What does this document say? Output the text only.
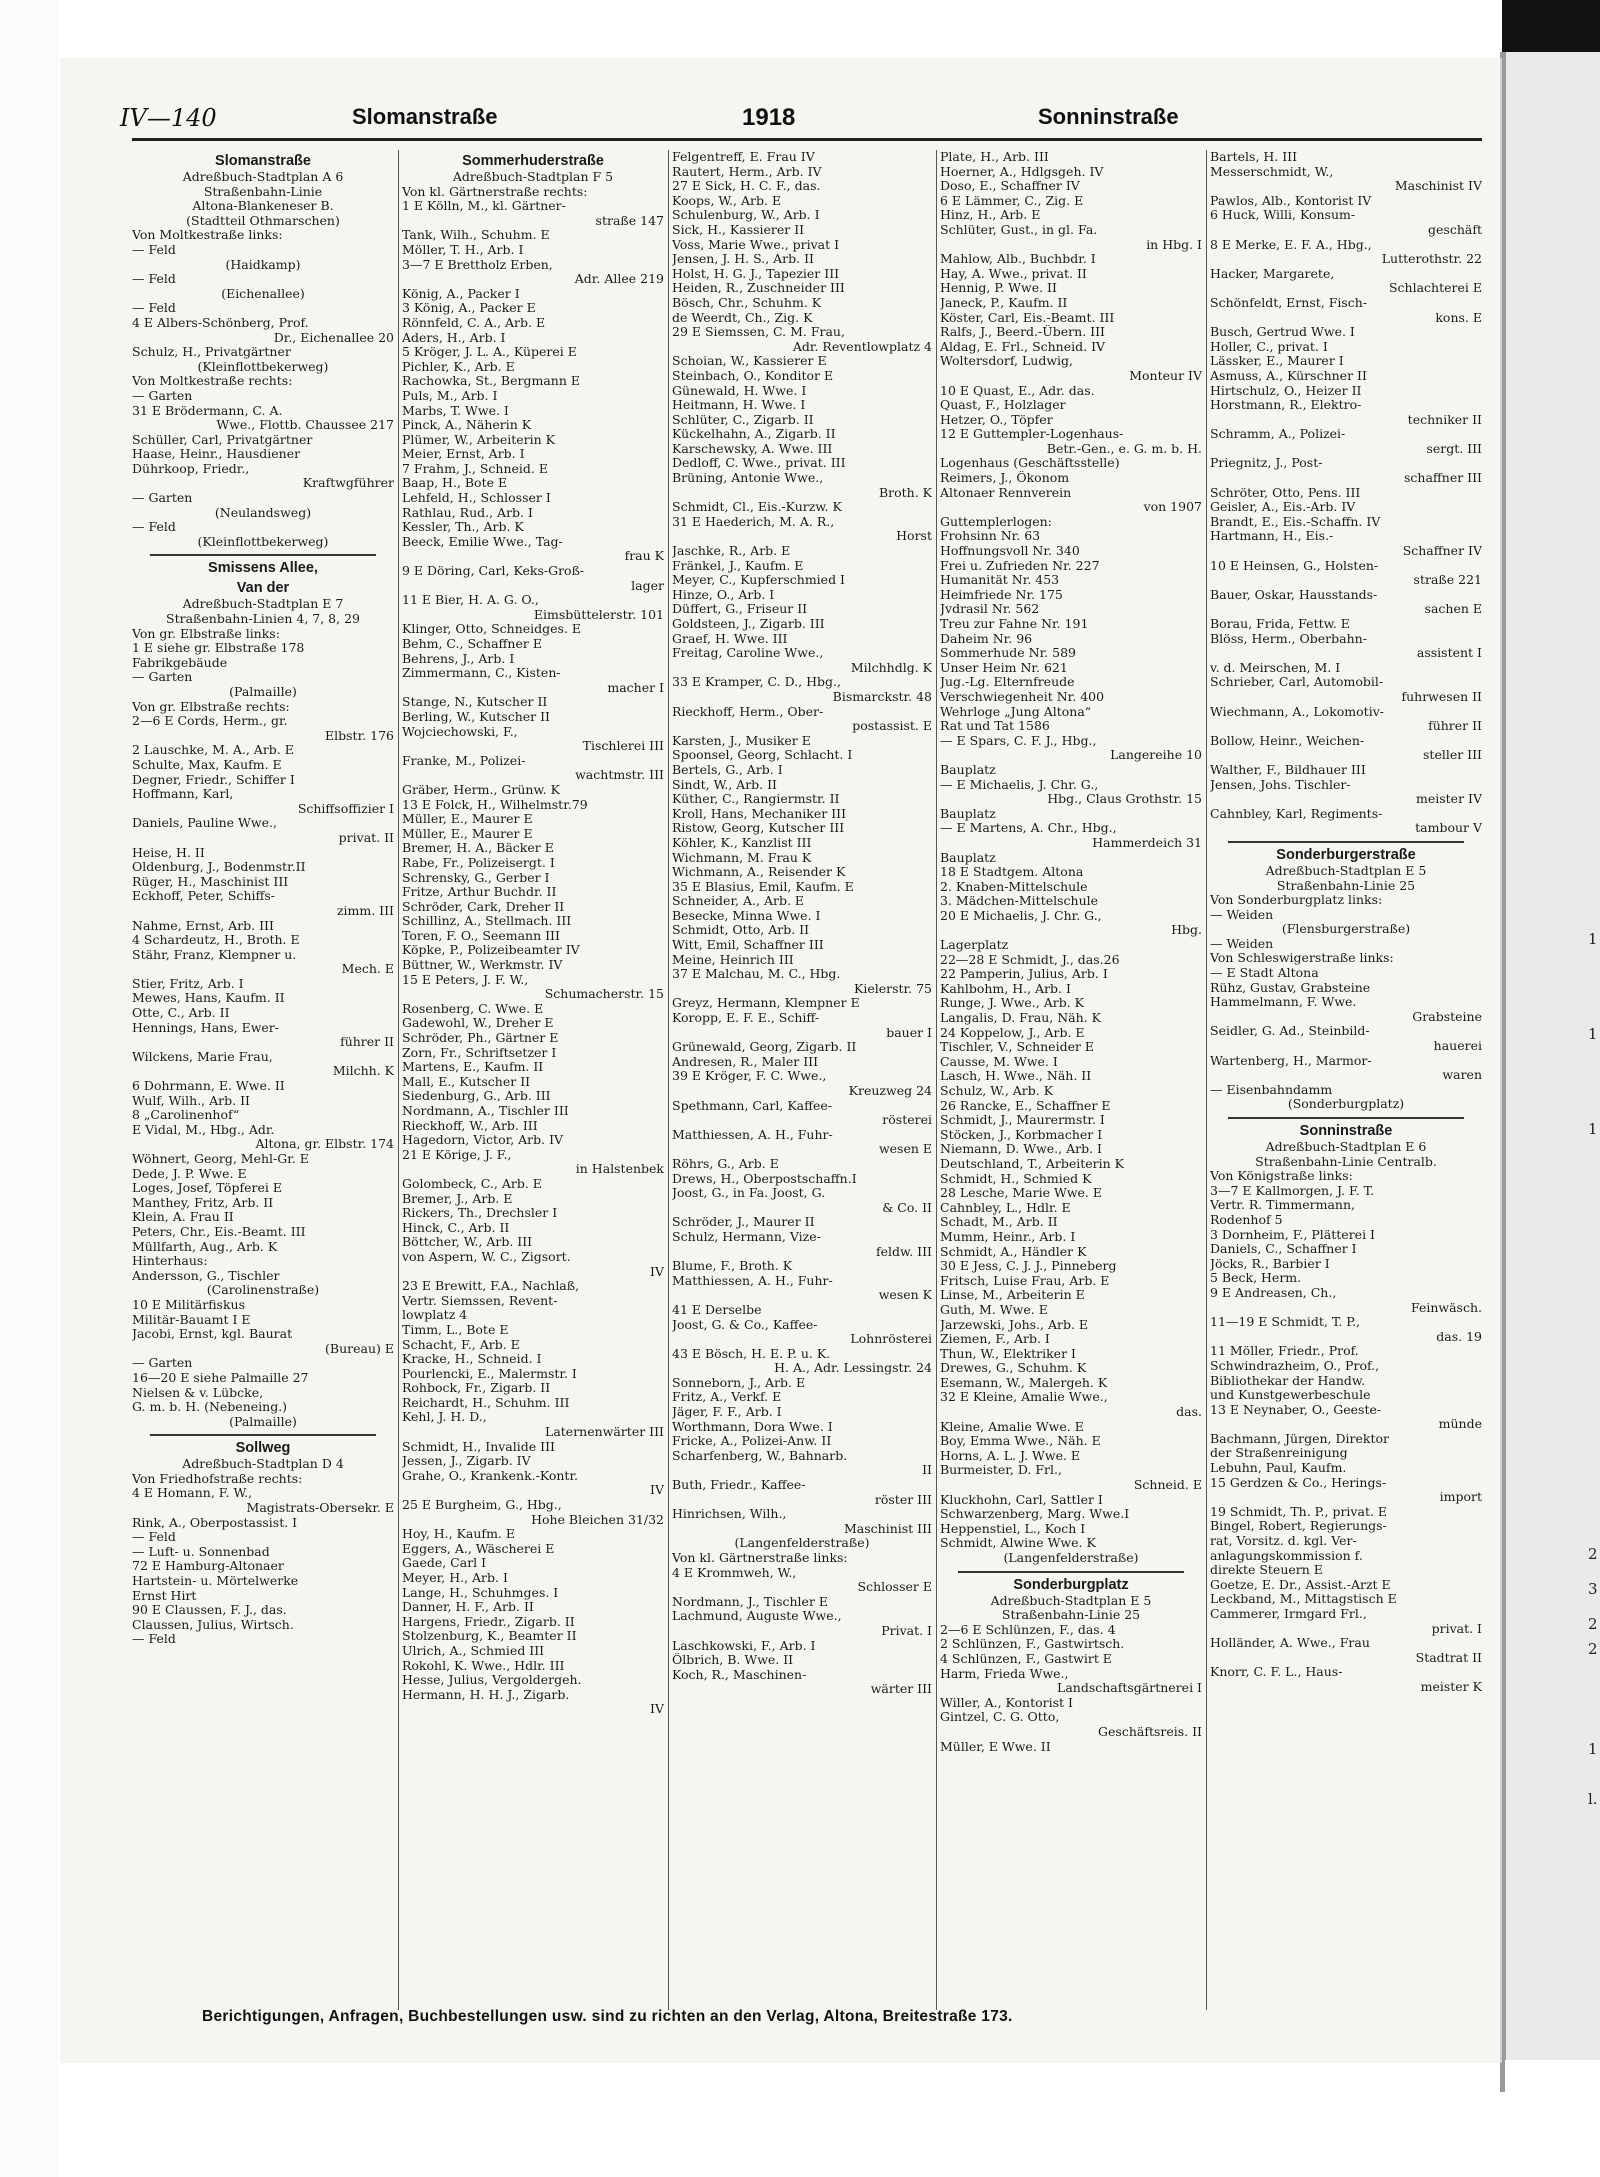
1
1
1
2
3
2
2
1
l.
IV—140	Slomanstraße	1918	Sonninstraße
Slomanstraße
Adreßbuch-Stadtplan A 6
Straßenbahn-Linie
Altona-Blankeneser B.
(Stadtteil Othmarschen)
Von Moltkestraße links:
— Feld
(Haidkamp)
— Feld
(Eichenallee)
— Feld
4 E Albers-Schönberg, Prof.
Dr., Eichenallee 20
Schulz, H., Privatgärtner
(Kleinflottbekerweg)
Von Moltkestraße rechts:
— Garten
31 E Brödermann, C. A.
Wwe., Flottb. Chaussee 217
Schüller, Carl, Privatgärtner
Haase, Heinr., Hausdiener
Dührkoop, Friedr.,
Kraftwgführer
— Garten
(Neulandsweg)
— Feld
(Kleinflottbekerweg)
Smissens Allee,
Van der
Adreßbuch-Stadtplan E 7
Straßenbahn-Linien 4, 7, 8, 29
Von gr. Elbstraße links:
1 E siehe gr. Elbstraße 178
Fabrikgebäude
— Garten
(Palmaille)
Von gr. Elbstraße rechts:
2—6 E Cords, Herm., gr.
Elbstr. 176
2 Lauschke, M. A., Arb. E
Schulte, Max, Kaufm. E
Degner, Friedr., Schiffer I
Hoffmann, Karl,
Schiffsoffizier I
Daniels, Pauline Wwe.,
privat. II
Heise, H. II
Oldenburg, J., Bodenmstr.II
Rüger, H., Maschinist III
Eckhoff, Peter, Schiffs-
zimm. III
Nahme, Ernst, Arb. III
4 Schardeutz, H., Broth. E
Stähr, Franz, Klempner u.
Mech. E
Stier, Fritz, Arb. I
Mewes, Hans, Kaufm. II
Otte, C., Arb. II
Hennings, Hans, Ewer-
führer II
Wilckens, Marie Frau,
Milchh. K
6 Dohrmann, E. Wwe. II
Wulf, Wilh., Arb. II
8 „Carolinenhof“
E Vidal, M., Hbg., Adr.
Altona, gr. Elbstr. 174
Wöhnert, Georg, Mehl-Gr. E
Dede, J. P. Wwe. E
Loges, Josef, Töpferei E
Manthey, Fritz, Arb. II
Klein, A. Frau II
Peters, Chr., Eis.-Beamt. III
Müllfarth, Aug., Arb. K
Hinterhaus:
Andersson, G., Tischler
(Carolinenstraße)
10 E Militärfiskus
Militär-Bauamt I E
Jacobi, Ernst, kgl. Baurat
(Bureau) E
— Garten
16—20 E siehe Palmaille 27
Nielsen & v. Lübcke,
G. m. b. H. (Nebeneing.)
(Palmaille)
Sollweg
Adreßbuch-Stadtplan D 4
Von Friedhofstraße rechts:
4 E Homann, F. W.,
Magistrats-Obersekr. E
Rink, A., Oberpostassist. I
— Feld
— Luft- u. Sonnenbad
72 E Hamburg-Altonaer
Hartstein- u. Mörtelwerke
Ernst Hirt
90 E Claussen, F. J., das.
Claussen, Julius, Wirtsch.
— Feld
Sommerhuderstraße
Adreßbuch-Stadtplan F 5
Von kl. Gärtnerstraße rechts:
1 E Kölln, M., kl. Gärtner-
straße 147
Tank, Wilh., Schuhm. E
Möller, T. H., Arb. I
3—7 E Brettholz Erben,
Adr. Allee 219
König, A., Packer I
3 König, A., Packer E
Rönnfeld, C. A., Arb. E
Aders, H., Arb. I
5 Kröger, J. L. A., Küperei E
Pichler, K., Arb. E
Rachowka, St., Bergmann E
Puls, M., Arb. I
Marbs, T. Wwe. I
Pinck, A., Näherin K
Plümer, W., Arbeiterin K
Meier, Ernst, Arb. I
7 Frahm, J., Schneid. E
Baap, H., Bote E
Lehfeld, H., Schlosser I
Rathlau, Rud., Arb. I
Kessler, Th., Arb. K
Beeck, Emilie Wwe., Tag-
frau K
9 E Döring, Carl, Keks-Groß-
lager
11 E Bier, H. A. G. O.,
Eimsbüttelerstr. 101
Klinger, Otto, Schneidges. E
Behm, C., Schaffner E
Behrens, J., Arb. I
Zimmermann, C., Kisten-
macher I
Stange, N., Kutscher II
Berling, W., Kutscher II
Wojciechowski, F.,
Tischlerei III
Franke, M., Polizei-
wachtmstr. III
Gräber, Herm., Grünw. K
13 E Folck, H., Wilhelmstr.79
Müller, E., Maurer E
Müller, E., Maurer E
Bremer, H. A., Bäcker E
Rabe, Fr., Polizeisergt. I
Schrensky, G., Gerber I
Fritze, Arthur Buchdr. II
Schröder, Cark, Dreher II
Schillinz, A., Stellmach. III
Toren, F. O., Seemann III
Köpke, P., Polizeibeamter IV
Büttner, W., Werkmstr. IV
15 E Peters, J. F. W.,
Schumacherstr. 15
Rosenberg, C. Wwe. E
Gadewohl, W., Dreher E
Schröder, Ph., Gärtner E
Zorn, Fr., Schriftsetzer I
Martens, E., Kaufm. II
Mall, E., Kutscher II
Siedenburg, G., Arb. III
Nordmann, A., Tischler III
Rieckhoff, W., Arb. III
Hagedorn, Victor, Arb. IV
21 E Körige, J. F.,
in Halstenbek
Golombeck, C., Arb. E
Bremer, J., Arb. E
Rickers, Th., Drechsler I
Hinck, C., Arb. II
Böttcher, W., Arb. III
von Aspern, W. C., Zigsort.
IV
23 E Brewitt, F.A., Nachlaß,
Vertr. Siemssen, Revent-
lowplatz 4
Timm, L., Bote E
Schacht, F., Arb. E
Kracke, H., Schneid. I
Pourlencki, E., Malermstr. I
Rohbock, Fr., Zigarb. II
Reichardt, H., Schuhm. III
Kehl, J. H. D.,
Laternenwärter III
Schmidt, H., Invalide III
Jessen, J., Zigarb. IV
Grahe, O., Krankenk.-Kontr.
IV
25 E Burgheim, G., Hbg.,
Hohe Bleichen 31/32
Hoy, H., Kaufm. E
Eggers, A., Wäscherei E
Gaede, Carl I
Meyer, H., Arb. I
Lange, H., Schuhmges. I
Danner, H. F., Arb. II
Hargens, Friedr., Zigarb. II
Stolzenburg, K., Beamter II
Ulrich, A., Schmied III
Rokohl, K. Wwe., Hdlr. III
Hesse, Julius, Vergoldergeh.
Hermann, H. H. J., Zigarb.
IV
Felgentreff, E. Frau IV
Rautert, Herm., Arb. IV
27 E Sick, H. C. F., das.
Koops, W., Arb. E
Schulenburg, W., Arb. I
Sick, H., Kassierer II
Voss, Marie Wwe., privat I
Jensen, J. H. S., Arb. II
Holst, H. G. J., Tapezier III
Heiden, R., Zuschneider III
Bösch, Chr., Schuhm. K
de Weerdt, Ch., Zig. K
29 E Siemssen, C. M. Frau,
Adr. Reventlowplatz 4
Schoian, W., Kassierer E
Steinbach, O., Konditor E
Günewald, H. Wwe. I
Heitmann, H. Wwe. I
Schlüter, C., Zigarb. II
Kückelhahn, A., Zigarb. II
Karschewsky, A. Wwe. III
Dedloff, C. Wwe., privat. III
Brüning, Antonie Wwe.,
Broth. K
Schmidt, Cl., Eis.-Kurzw. K
31 E Haederich, M. A. R.,
Horst
Jaschke, R., Arb. E
Fränkel, J., Kaufm. E
Meyer, C., Kupferschmied I
Hinze, O., Arb. I
Düffert, G., Friseur II
Goldsteen, J., Zigarb. III
Graef, H. Wwe. III
Freitag, Caroline Wwe.,
Milchhdlg. K
33 E Kramper, C. D., Hbg.,
Bismarckstr. 48
Rieckhoff, Herm., Ober-
postassist. E
Karsten, J., Musiker E
Spoonsel, Georg, Schlacht. I
Bertels, G., Arb. I
Sindt, W., Arb. II
Küther, C., Rangiermstr. II
Kroll, Hans, Mechaniker III
Ristow, Georg, Kutscher III
Köhler, K., Kanzlist III
Wichmann, M. Frau K
Wichmann, A., Reisender K
35 E Blasius, Emil, Kaufm. E
Schneider, A., Arb. E
Besecke, Minna Wwe. I
Schmidt, Otto, Arb. II
Witt, Emil, Schaffner III
Meine, Heinrich III
37 E Malchau, M. C., Hbg.
Kielerstr. 75
Greyz, Hermann, Klempner E
Koropp, E. F. E., Schiff-
bauer I
Grünewald, Georg, Zigarb. II
Andresen, R., Maler III
39 E Kröger, F. C. Wwe.,
Kreuzweg 24
Spethmann, Carl, Kaffee-
rösterei
Matthiessen, A. H., Fuhr-
wesen E
Röhrs, G., Arb. E
Drews, H., Oberpostschaffn.I
Joost, G., in Fa. Joost, G.
& Co. II
Schröder, J., Maurer II
Schulz, Hermann, Vize-
feldw. III
Blume, F., Broth. K
Matthiessen, A. H., Fuhr-
wesen K
41 E Derselbe
Joost, G. & Co., Kaffee-
Lohnrösterei
43 E Bösch, H. E. P. u. K.
H. A., Adr. Lessingstr. 24
Sonneborn, J., Arb. E
Fritz, A., Verkf. E
Jäger, F. F., Arb. I
Worthmann, Dora Wwe. I
Fricke, A., Polizei-Anw. II
Scharfenberg, W., Bahnarb.
II
Buth, Friedr., Kaffee-
röster III
Hinrichsen, Wilh.,
Maschinist III
(Langenfelderstraße)
Von kl. Gärtnerstraße links:
4 E Krommweh, W.,
Schlosser E
Nordmann, J., Tischler E
Lachmund, Auguste Wwe.,
Privat. I
Laschkowski, F., Arb. I
Ölbrich, B. Wwe. II
Koch, R., Maschinen-
wärter III
Plate, H., Arb. III
Hoerner, A., Hdlgsgeh. IV
Doso, E., Schaffner IV
6 E Lämmer, C., Zig. E
Hinz, H., Arb. E
Schlüter, Gust., in gl. Fa.
in Hbg. I
Mahlow, Alb., Buchbdr. I
Hay, A. Wwe., privat. II
Hennig, P. Wwe. II
Janeck, P., Kaufm. II
Köster, Carl, Eis.-Beamt. III
Ralfs, J., Beerd.-Übern. III
Aldag, E. Frl., Schneid. IV
Woltersdorf, Ludwig,
Monteur IV
10 E Quast, E., Adr. das.
Quast, F., Holzlager
Hetzer, O., Töpfer
12 E Guttempler-Logenhaus-
Betr.-Gen., e. G. m. b. H.
Logenhaus (Geschäftsstelle)
Reimers, J., Ökonom
Altonaer Rennverein
von 1907
Guttemplerlogen:
Frohsinn Nr. 63
Hoffnungsvoll Nr. 340
Frei u. Zufrieden Nr. 227
Humanität Nr. 453
Heimfriede Nr. 175
Jvdrasil Nr. 562
Treu zur Fahne Nr. 191
Daheim Nr. 96
Sommerhude Nr. 589
Unser Heim Nr. 621
Jug.-Lg. Elternfreude
Verschwiegenheit Nr. 400
Wehrloge „Jung Altona“
Rat und Tat 1586
— E Spars, C. F. J., Hbg.,
Langereihe 10
Bauplatz
— E Michaelis, J. Chr. G.,
Hbg., Claus Grothstr. 15
Bauplatz
— E Martens, A. Chr., Hbg.,
Hammerdeich 31
Bauplatz
18 E Stadtgem. Altona
2. Knaben-Mittelschule
3. Mädchen-Mittelschule
20 E Michaelis, J. Chr. G.,
Hbg.
Lagerplatz
22—28 E Schmidt, J., das.26
22 Pamperin, Julius, Arb. I
Kahlbohm, H., Arb. I
Runge, J. Wwe., Arb. K
Langalis, D. Frau, Näh. K
24 Koppelow, J., Arb. E
Tischler, V., Schneider E
Causse, M. Wwe. I
Lasch, H. Wwe., Näh. II
Schulz, W., Arb. K
26 Rancke, E., Schaffner E
Schmidt, J., Maurermstr. I
Stöcken, J., Korbmacher I
Niemann, D. Wwe., Arb. I
Deutschland, T., Arbeiterin K
Schmidt, H., Schmied K
28 Lesche, Marie Wwe. E
Cahnbley, L., Hdlr. E
Schadt, M., Arb. II
Mumm, Heinr., Arb. I
Schmidt, A., Händler K
30 E Jess, C. J. J., Pinneberg
Fritsch, Luise Frau, Arb. E
Linse, M., Arbeiterin E
Guth, M. Wwe. E
Jarzewski, Johs., Arb. E
Ziemen, F., Arb. I
Thun, W., Elektriker I
Drewes, G., Schuhm. K
Esemann, W., Malergeh. K
32 E Kleine, Amalie Wwe.,
das.
Kleine, Amalie Wwe. E
Boy, Emma Wwe., Näh. E
Horns, A. L. J. Wwe. E
Burmeister, D. Frl.,
Schneid. E
Kluckhohn, Carl, Sattler I
Schwarzenberg, Marg. Wwe.I
Heppenstiel, L., Koch I
Schmidt, Alwine Wwe. K
(Langenfelderstraße)
Sonderburgplatz
Adreßbuch-Stadtplan E 5
Straßenbahn-Linie 25
2—6 E Schlünzen, F., das. 4
2 Schlünzen, F., Gastwirtsch.
4 Schlünzen, F., Gastwirt E
Harm, Frieda Wwe.,
Landschaftsgärtnerei I
Willer, A., Kontorist I
Gintzel, C. G. Otto,
Geschäftsreis. II
Müller, E Wwe. II
Bartels, H. III
Messerschmidt, W.,
Maschinist IV
Pawlos, Alb., Kontorist IV
6 Huck, Willi, Konsum-
geschäft
8 E Merke, E. F. A., Hbg.,
Lutterothstr. 22
Hacker, Margarete,
Schlachterei E
Schönfeldt, Ernst, Fisch-
kons. E
Busch, Gertrud Wwe. I
Holler, C., privat. I
Lässker, E., Maurer I
Asmuss, A., Kürschner II
Hirtschulz, O., Heizer II
Horstmann, R., Elektro-
techniker II
Schramm, A., Polizei-
sergt. III
Priegnitz, J., Post-
schaffner III
Schröter, Otto, Pens. III
Geisler, A., Eis.-Arb. IV
Brandt, E., Eis.-Schaffn. IV
Hartmann, H., Eis.-
Schaffner IV
10 E Heinsen, G., Holsten-
straße 221
Bauer, Oskar, Hausstands-
sachen E
Borau, Frida, Fettw. E
Blöss, Herm., Oberbahn-
assistent I
v. d. Meirschen, M. I
Schrieber, Carl, Automobil-
fuhrwesen II
Wiechmann, A., Lokomotiv-
führer II
Bollow, Heinr., Weichen-
steller III
Walther, F., Bildhauer III
Jensen, Johs. Tischler-
meister IV
Cahnbley, Karl, Regiments-
tambour V
Sonderburgerstraße
Adreßbuch-Stadtplan E 5
Straßenbahn-Linie 25
Von Sonderburgplatz links:
— Weiden
(Flensburgerstraße)
— Weiden
Von Schleswigerstraße links:
— E Stadt Altona
Rühz, Gustav, Grabsteine
Hammelmann, F. Wwe.
Grabsteine
Seidler, G. Ad., Steinbild-
hauerei
Wartenberg, H., Marmor-
waren
— Eisenbahndamm
(Sonderburgplatz)
Sonninstraße
Adreßbuch-Stadtplan E 6
Straßenbahn-Linie Centralb.
Von Königstraße links:
3—7 E Kallmorgen, J. F. T.
Vertr. R. Timmermann,
Rodenhof 5
3 Dornheim, F., Plätterei I
Daniels, C., Schaffner I
Jöcks, R., Barbier I
5 Beck, Herm.
9 E Andreasen, Ch.,
Feinwäsch.
11—19 E Schmidt, T. P.,
das. 19
11 Möller, Friedr., Prof.
Schwindrazheim, O., Prof.,
Bibliothekar der Handw.
und Kunstgewerbeschule
13 E Neynaber, O., Geeste-
münde
Bachmann, Jürgen, Direktor
der Straßenreinigung
Lebuhn, Paul, Kaufm.
15 Gerdzen & Co., Herings-
import
19 Schmidt, Th. P., privat. E
Bingel, Robert, Regierungs-
rat, Vorsitz. d. kgl. Ver-
anlagungskommission f.
direkte Steuern E
Goetze, E. Dr., Assist.-Arzt E
Leckband, M., Mittagstisch E
Cammerer, Irmgard Frl.,
privat. I
Holländer, A. Wwe., Frau
Stadtrat II
Knorr, C. F. L., Haus-
meister K
Berichtigungen, Anfragen, Buchbestellungen usw. sind zu richten an den Verlag, Altona, Breitestraße 173.
